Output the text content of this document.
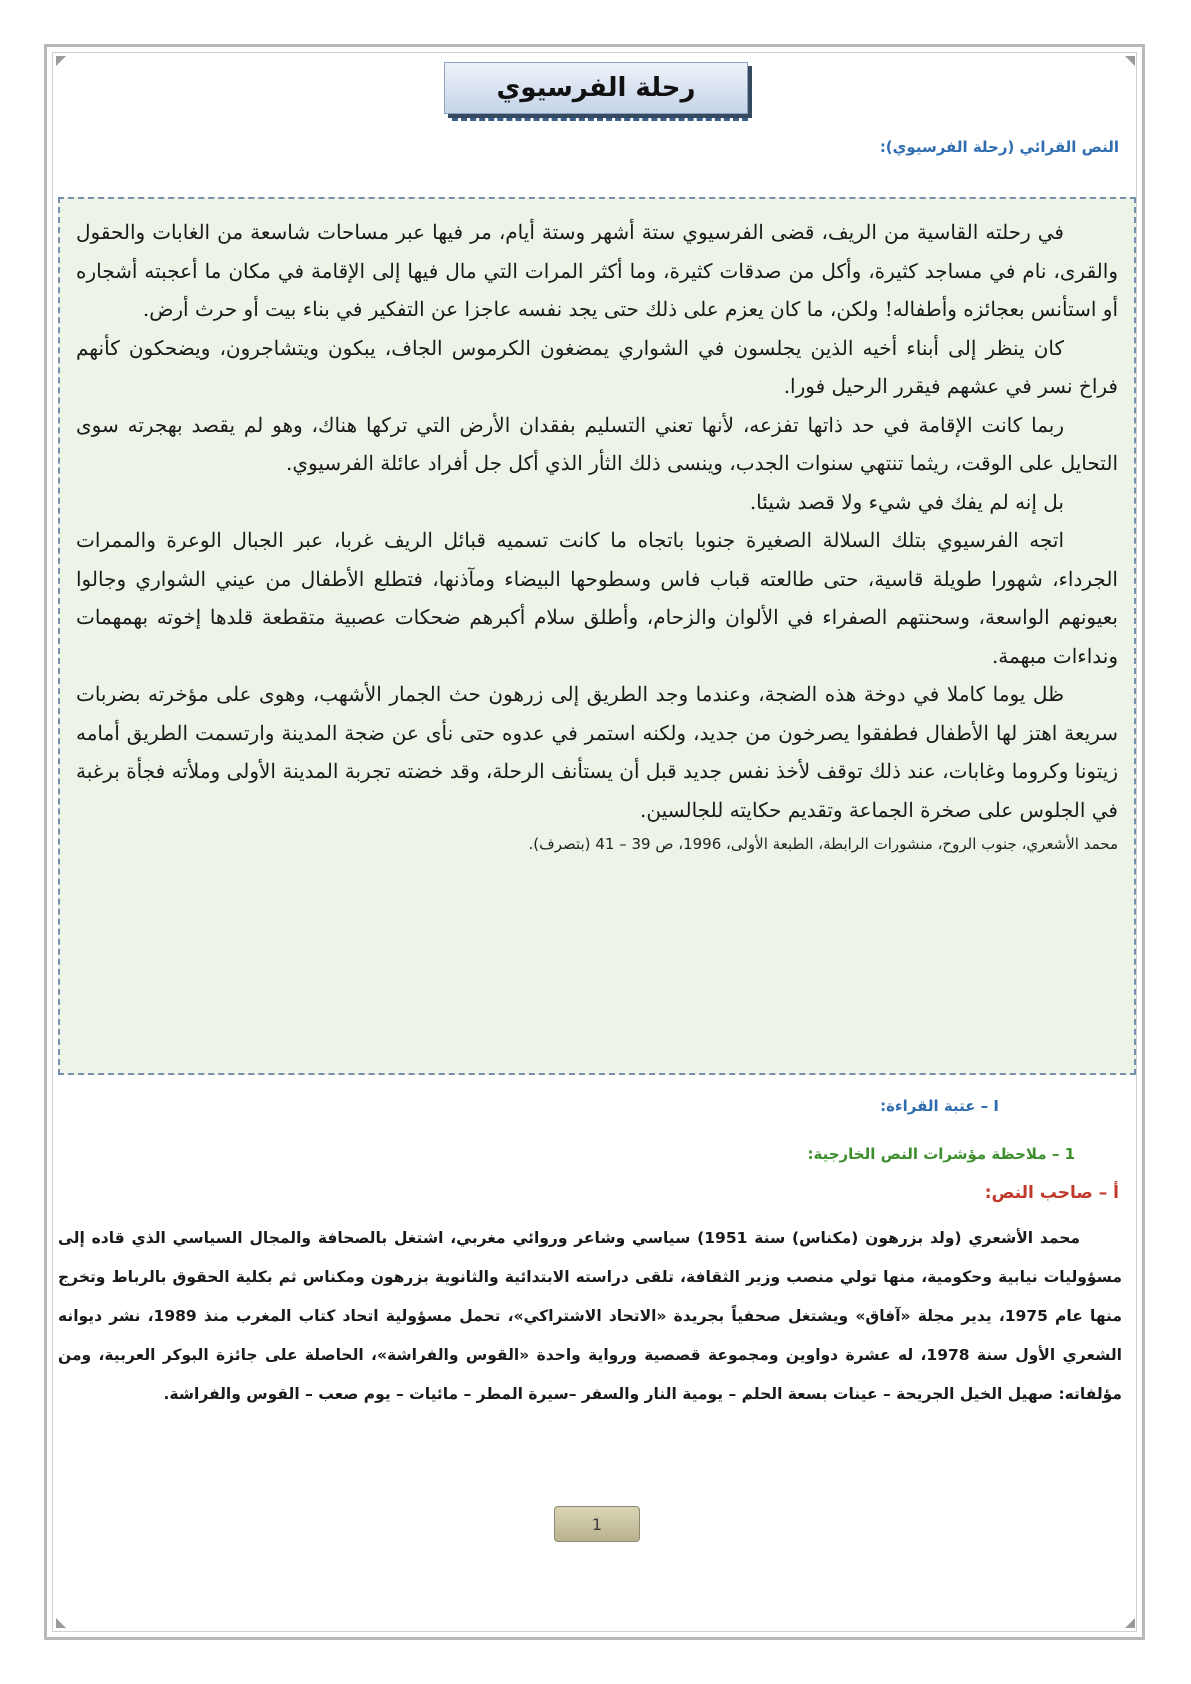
رحلة الفرسيوي
النص القرائي (رحلة الفرسيوي):

في رحلته القاسية من الريف، قضى الفرسيوي ستة أشهر وستة أيام، مر فيها عبر مساحات شاسعة من الغابات والحقول والقرى، نام في مساجد كثيرة، وأكل من صدقات كثيرة، وما أكثر المرات التي مال فيها إلى الإقامة في مكان ما أعجبته أشجاره أو استأنس بعجائزه وأطفاله! ولكن، ما كان يعزم على ذلك حتى يجد نفسه عاجزا عن التفكير في بناء بيت أو حرث أرض.

كان ينظر إلى أبناء أخيه الذين يجلسون في الشواري يمضغون الكرموس الجاف، يبكون ويتشاجرون، ويضحكون كأنهم فراخ نسر في عشهم فيقرر الرحيل فورا.

ربما كانت الإقامة في حد ذاتها تفزعه، لأنها تعني التسليم بفقدان الأرض التي تركها هناك، وهو لم يقصد بهجرته سوى التحايل على الوقت، ريثما تنتهي سنوات الجدب، وينسى ذلك الثأر الذي أكل جل أفراد عائلة الفرسيوي.

بل إنه لم يفك في شيء ولا قصد شيئا.

اتجه الفرسيوي بتلك السلالة الصغيرة جنوبا باتجاه ما كانت تسميه قبائل الريف غربا، عبر الجبال الوعرة والممرات الجرداء، شهورا طويلة قاسية، حتى طالعته قباب فاس وسطوحها البيضاء ومآذنها، فتطلع الأطفال من عيني الشواري وجالوا بعيونهم الواسعة، وسحنتهم الصفراء في الألوان والزحام، وأطلق سلام أكبرهم ضحكات عصبية متقطعة قلدها إخوته بهمهمات ونداءات مبهمة.

ظل يوما كاملا في دوخة هذه الضجة، وعندما وجد الطريق إلى زرهون حث الجمار الأشهب، وهوى على مؤخرته بضربات سريعة اهتز لها الأطفال فطفقوا يصرخون من جديد، ولكنه استمر في عدوه حتى نأى عن ضجة المدينة وارتسمت الطريق أمامه زيتونا وكروما وغابات، عند ذلك توقف لأخذ نفس جديد قبل أن يستأنف الرحلة، وقد خضته تجربة المدينة الأولى وملأته فجأة برغبة في الجلوس على صخرة الجماعة وتقديم حكايته للجالسين.

محمد الأشعري، جنوب الروح، منشورات الرابطة، الطبعة الأولى، 1996، ص 39 – 41 (بتصرف).
I – عتبة القراءة:
1 – ملاحظة مؤشرات النص الخارجية:
أ – صاحب النص:

محمد الأشعري (ولد بزرهون (مكناس) سنة 1951) سياسي وشاعر وروائي مغربي، اشتغل بالصحافة والمجال السياسي الذي قاده إلى مسؤوليات نيابية وحكومية، منها تولي منصب وزير الثقافة، تلقى دراسته الابتدائية والثانوية بزرهون ومكناس ثم بكلية الحقوق بالرباط وتخرج منها عام 1975، يدير مجلة «آفاق» ويشتغل صحفياً بجريدة «الاتحاد الاشتراكي»، تحمل مسؤولية اتحاد كتاب المغرب منذ 1989، نشر ديوانه الشعري الأول سنة 1978، له عشرة دواوين ومجموعة قصصية ورواية واحدة «القوس والفراشة»، الحاصلة على جائزة البوكر العربية، ومن مؤلفاته: صهيل الخيل الجريحة – عينات بسعة الحلم – يومية النار والسفر –سيرة المطر – مائيات – يوم صعب – القوس والفراشة.

1
